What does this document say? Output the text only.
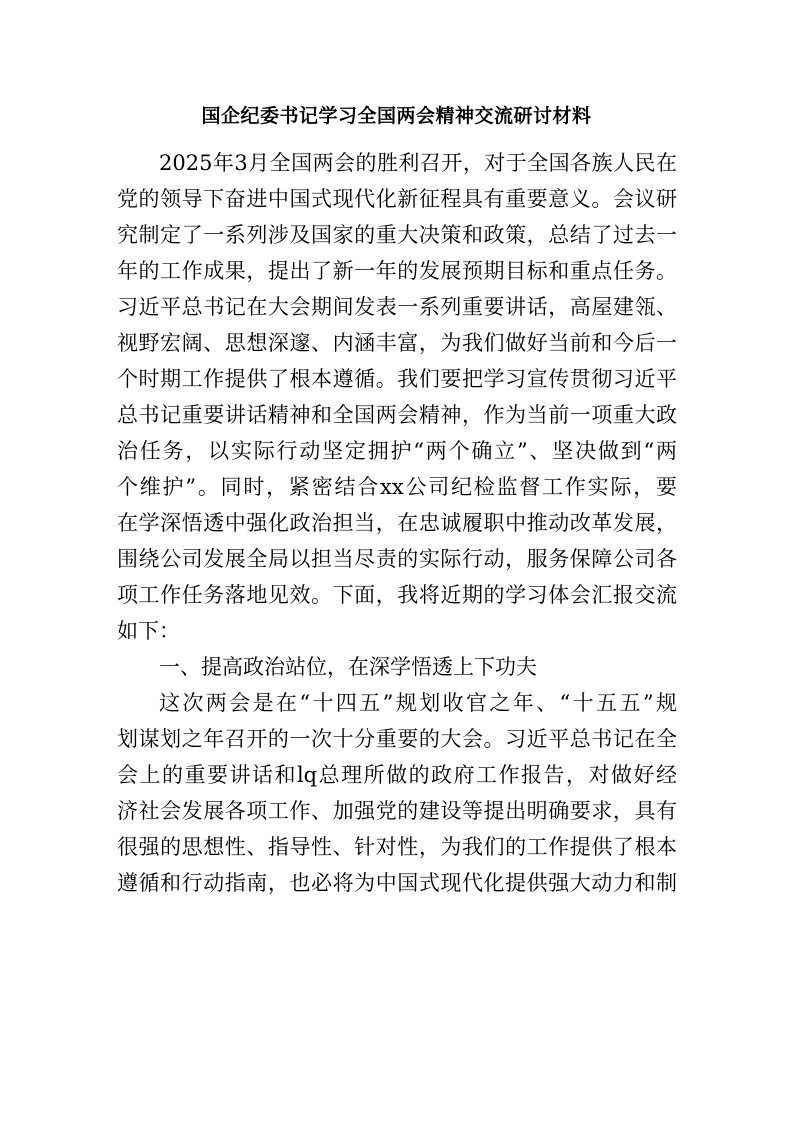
国企纪委书记学习全国两会精神交流研讨材料
2025年3月全国两会的胜利召开，对于全国各族人民在
党的领导下奋进中国式现代化新征程具有重要意义。会议研
究制定了一系列涉及国家的重大决策和政策，总结了过去一
年的工作成果，提出了新一年的发展预期目标和重点任务。
习近平总书记在大会期间发表一系列重要讲话，高屋建瓴、
视野宏阔、思想深邃、内涵丰富，为我们做好当前和今后一
个时期工作提供了根本遵循。我们要把学习宣传贯彻习近平
总书记重要讲话精神和全国两会精神，作为当前一项重大政
治任务，以实际行动坚定拥护“两个确立”、坚决做到“两
个维护”。同时，紧密结合xx公司纪检监督工作实际，要
在学深悟透中强化政治担当，在忠诚履职中推动改革发展，
围绕公司发展全局以担当尽责的实际行动，服务保障公司各
项工作任务落地见效。下面，我将近期的学习体会汇报交流
如下：
一、提高政治站位，在深学悟透上下功夫
这次两会是在“十四五”规划收官之年、“十五五”规
划谋划之年召开的一次十分重要的大会。习近平总书记在全
会上的重要讲话和lq总理所做的政府工作报告，对做好经
济社会发展各项工作、加强党的建设等提出明确要求，具有
很强的思想性、指导性、针对性，为我们的工作提供了根本
遵循和行动指南，也必将为中国式现代化提供强大动力和制
